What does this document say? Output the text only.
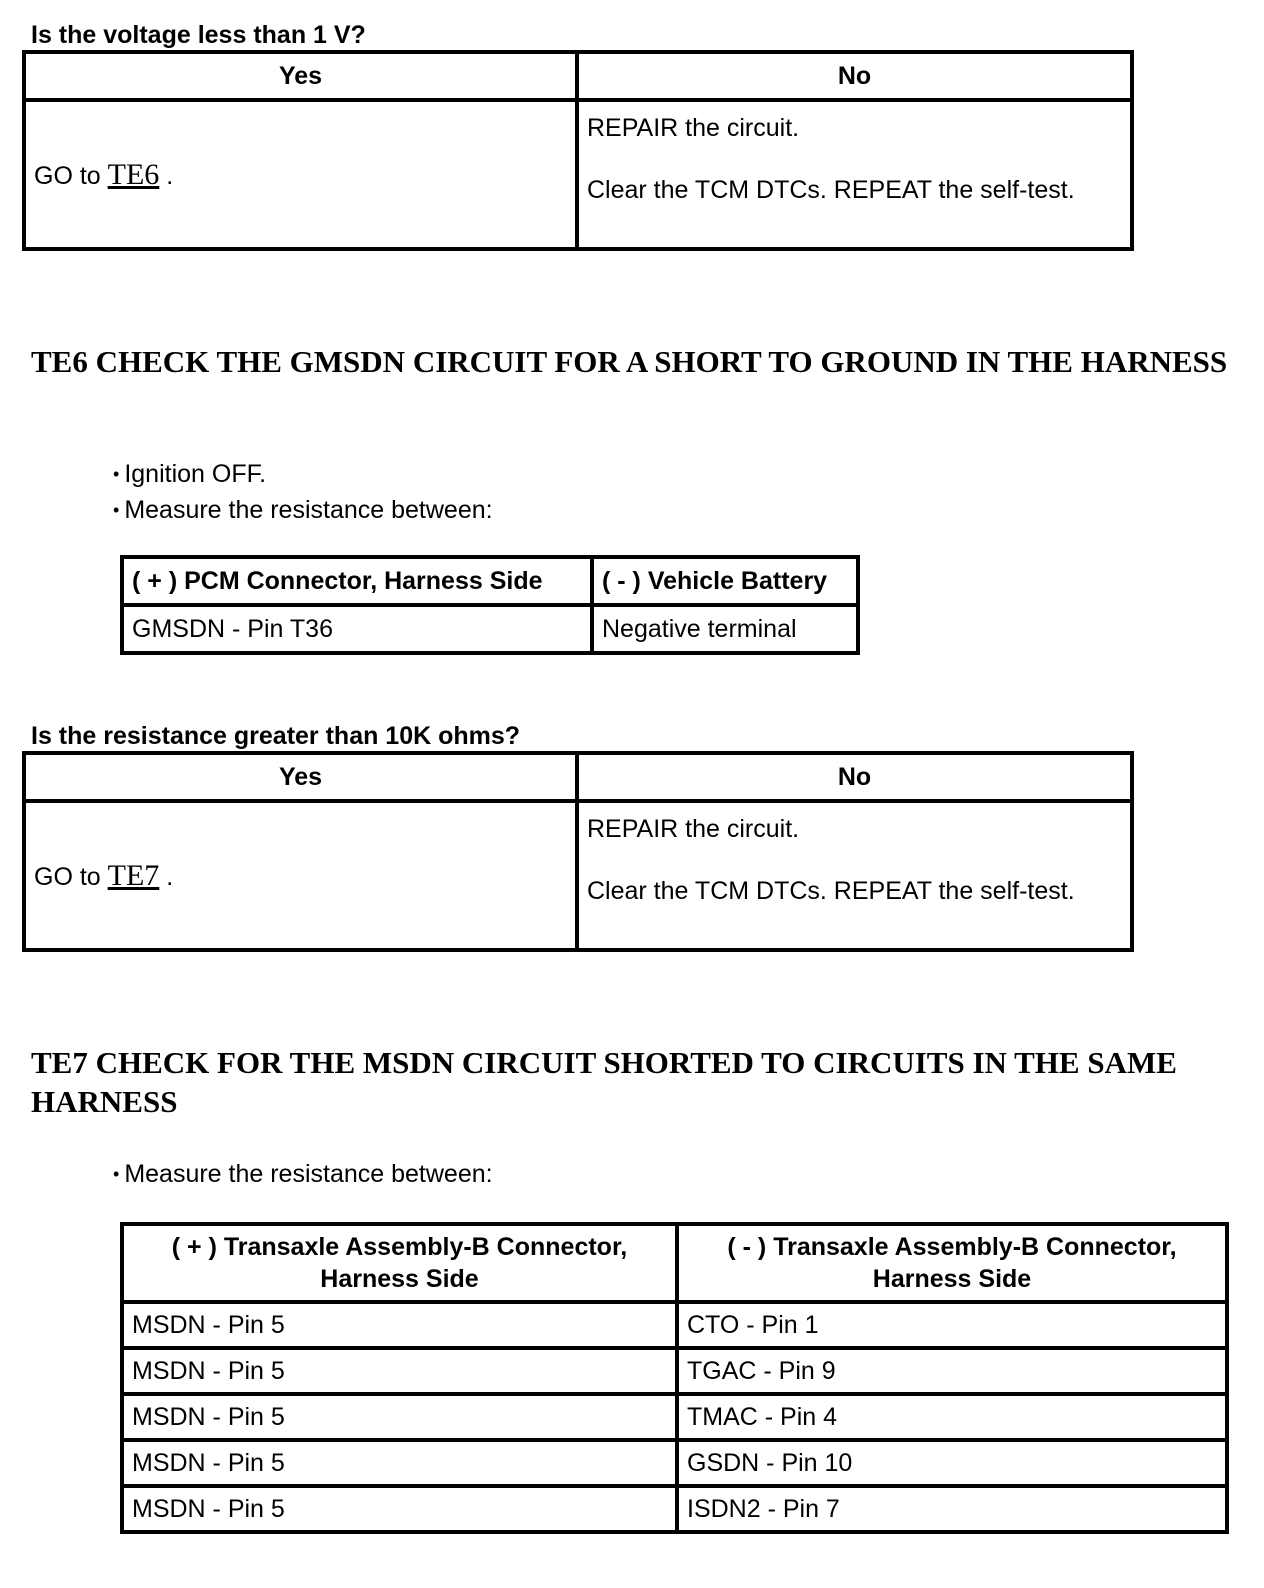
Is the voltage less than 1 V?
Yes	No
GO to TE6 .	REPAIR the circuit.

Clear the TCM DTCs. REPEAT the self-test.

TE6 CHECK THE GMSDN CIRCUIT FOR A SHORT TO GROUND IN THE HARNESS
• Ignition OFF.
• Measure the resistance between:
( + ) PCM Connector, Harness Side	( - ) Vehicle Battery
GMSDN - Pin T36	Negative terminal
Is the resistance greater than 10K ohms?
Yes	No
GO to TE7 .	REPAIR the circuit.

Clear the TCM DTCs. REPEAT the self-test.

TE7 CHECK FOR THE MSDN CIRCUIT SHORTED TO CIRCUITS IN THE SAME HARNESS
• Measure the resistance between:
( + ) Transaxle Assembly-B Connector, Harness Side	( - ) Transaxle Assembly-B Connector, Harness Side
MSDN - Pin 5	CTO - Pin 1
MSDN - Pin 5	TGAC - Pin 9
MSDN - Pin 5	TMAC - Pin 4
MSDN - Pin 5	GSDN - Pin 10
MSDN - Pin 5	ISDN2 - Pin 7
